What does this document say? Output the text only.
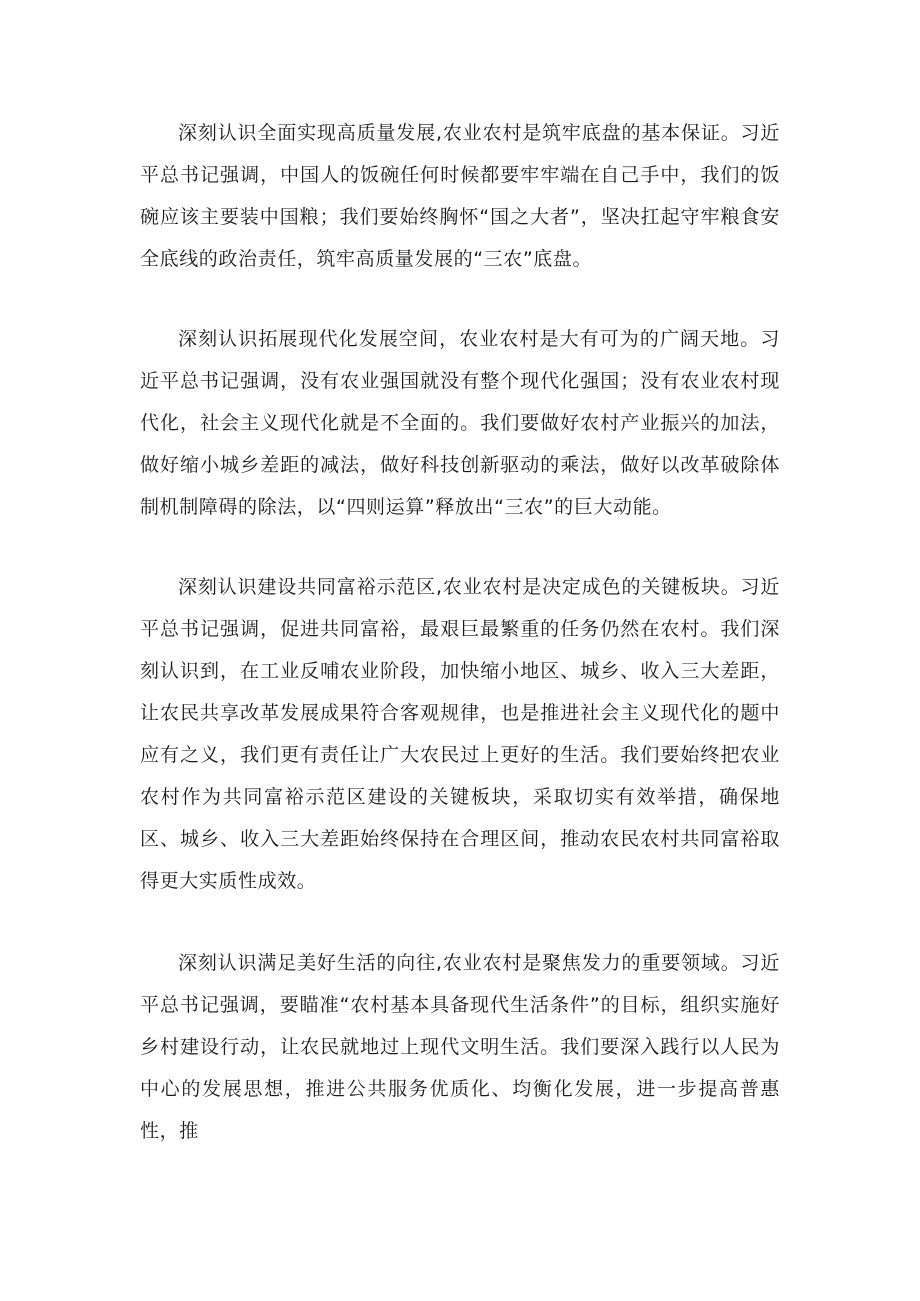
深刻认识全面实现高质量发展,农业农村是筑牢底盘的基本保证。习近平总书记强调，中国人的饭碗任何时候都要牢牢端在自己手中，我们的饭碗应该主要装中国粮；我们要始终胸怀“国之大者”，坚决扛起守牢粮食安全底线的政治责任，筑牢高质量发展的“三农”底盘。

深刻认识拓展现代化发展空间，农业农村是大有可为的广阔天地。习近平总书记强调，没有农业强国就没有整个现代化强国；没有农业农村现代化，社会主义现代化就是不全面的。我们要做好农村产业振兴的加法，做好缩小城乡差距的减法，做好科技创新驱动的乘法，做好以改革破除体制机制障碍的除法，以“四则运算”释放出“三农”的巨大动能。

深刻认识建设共同富裕示范区,农业农村是决定成色的关键板块。习近平总书记强调，促进共同富裕，最艰巨最繁重的任务仍然在农村。我们深刻认识到，在工业反哺农业阶段，加快缩小地区、城乡、收入三大差距，让农民共享改革发展成果符合客观规律，也是推进社会主义现代化的题中应有之义，我们更有责任让广大农民过上更好的生活。我们要始终把农业农村作为共同富裕示范区建设的关键板块，采取切实有效举措，确保地区、城乡、收入三大差距始终保持在合理区间，推动农民农村共同富裕取得更大实质性成效。

深刻认识满足美好生活的向往,农业农村是聚焦发力的重要领域。习近平总书记强调，要瞄准“农村基本具备现代生活条件”的目标，组织实施好乡村建设行动，让农民就地过上现代文明生活。我们要深入践行以人民为中心的发展思想，推进公共服务优质化、均衡化发展，进一步提高普惠性，推
